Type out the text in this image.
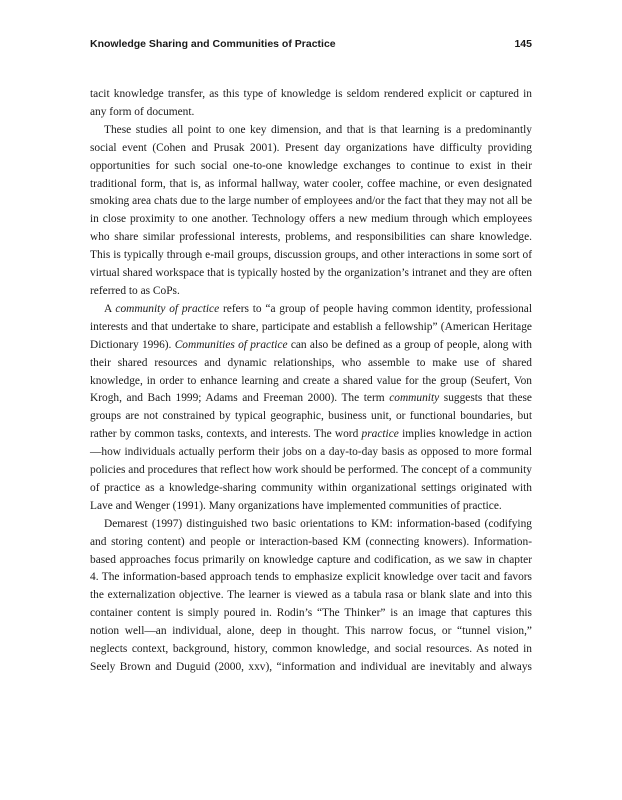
Knowledge Sharing and Communities of Practice	145

tacit knowledge transfer, as this type of knowledge is seldom rendered explicit or captured in any form of document.

These studies all point to one key dimension, and that is that learning is a predominantly social event (Cohen and Prusak 2001). Present day organizations have difficulty providing opportunities for such social one-to-one knowledge exchanges to continue to exist in their traditional form, that is, as informal hallway, water cooler, coffee machine, or even designated smoking area chats due to the large number of employees and/or the fact that they may not all be in close proximity to one another. Technology offers a new medium through which employees who share similar professional interests, problems, and responsibilities can share knowledge. This is typically through e-mail groups, discussion groups, and other interactions in some sort of virtual shared workspace that is typically hosted by the organization’s intranet and they are often referred to as CoPs.

A community of practice refers to “a group of people having common identity, professional interests and that undertake to share, participate and establish a fellowship” (American Heritage Dictionary 1996). Communities of practice can also be defined as a group of people, along with their shared resources and dynamic relationships, who assemble to make use of shared knowledge, in order to enhance learning and create a shared value for the group (Seufert, Von Krogh, and Bach 1999; Adams and Freeman 2000). The term community suggests that these groups are not constrained by typical geographic, business unit, or functional boundaries, but rather by common tasks, contexts, and interests. The word practice implies knowledge in action—how individuals actually perform their jobs on a day-to-day basis as opposed to more formal policies and procedures that reflect how work should be performed. The concept of a community of practice as a knowledge-sharing community within organizational settings originated with Lave and Wenger (1991). Many organizations have implemented communities of practice.

Demarest (1997) distinguished two basic orientations to KM: information-based (codifying and storing content) and people or interaction-based KM (connecting knowers). Information-based approaches focus primarily on knowledge capture and codification, as we saw in chapter 4. The information-based approach tends to emphasize explicit knowledge over tacit and favors the externalization objective. The learner is viewed as a tabula rasa or blank slate and into this container content is simply poured in. Rodin’s “The Thinker” is an image that captures this notion well—an individual, alone, deep in thought. This narrow focus, or “tunnel vision,” neglects context, background, history, common knowledge, and social resources. As noted in Seely Brown and Duguid (2000, xxv), “information and individual are inevitably and always
